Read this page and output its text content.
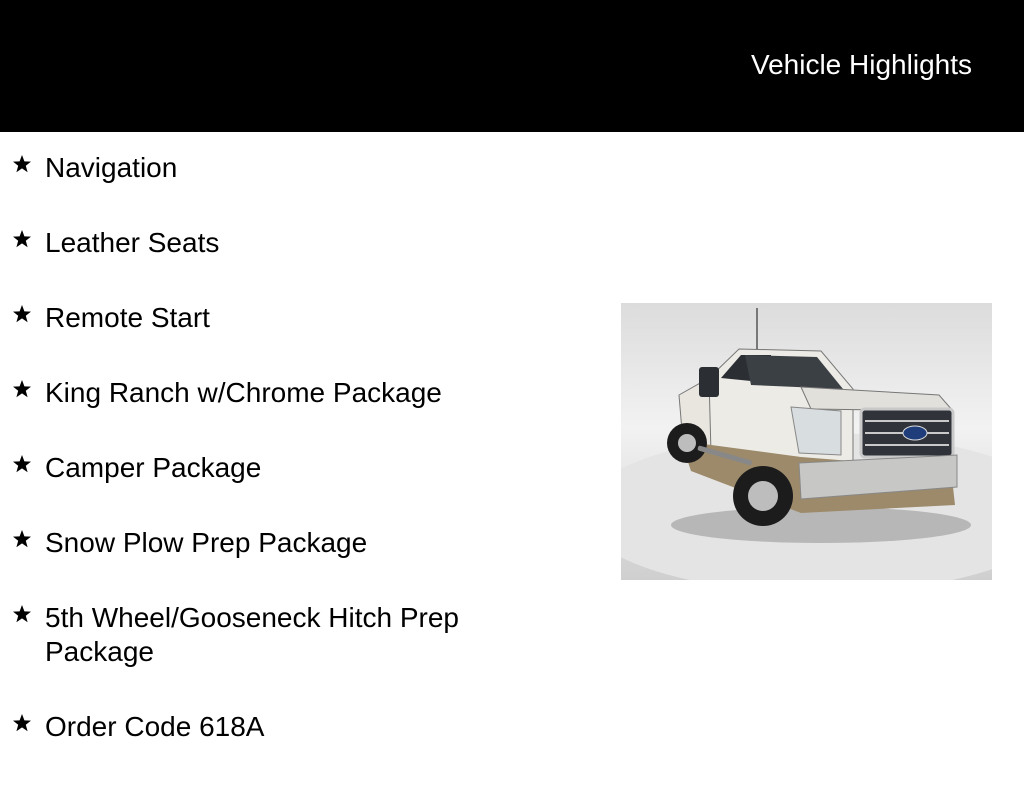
Vehicle Highlights
Navigation
Leather Seats
Remote Start
King Ranch w/Chrome Package
Camper Package
Snow Plow Prep Package
5th Wheel/Gooseneck Hitch Prep Package
Order Code 618A
